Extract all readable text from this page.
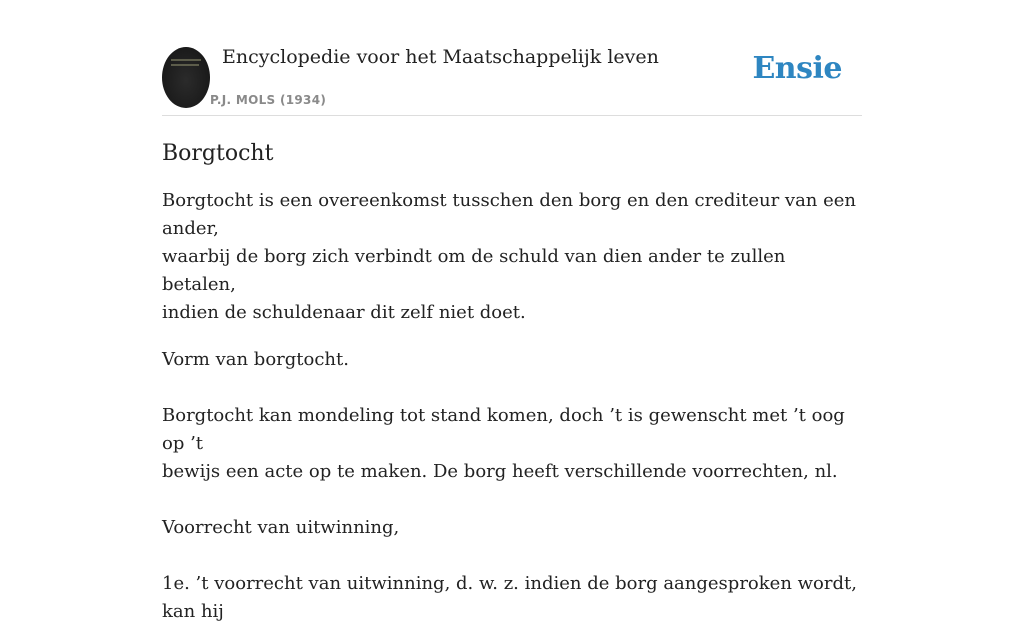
Encyclopedie voor het Maatschappelijk leven
P.J. MOLS (1934)
Ensie
Borgtocht

Borgtocht is een overeenkomst tusschen den borg en den crediteur van een ander,
waarbij de borg zich verbindt om de schuld van dien ander te zullen betalen,
indien de schuldenaar dit zelf niet doet.

Vorm van borgtocht.

Borgtocht kan mondeling tot stand komen, doch ’t is gewenscht met ’t oog op ’t
bewijs een acte op te maken. De borg heeft verschillende voorrechten, nl.

Voorrecht van uitwinning,

1e. ’t voorrecht van uitwinning, d. w. z. indien de borg aangesproken wordt, kan hij
